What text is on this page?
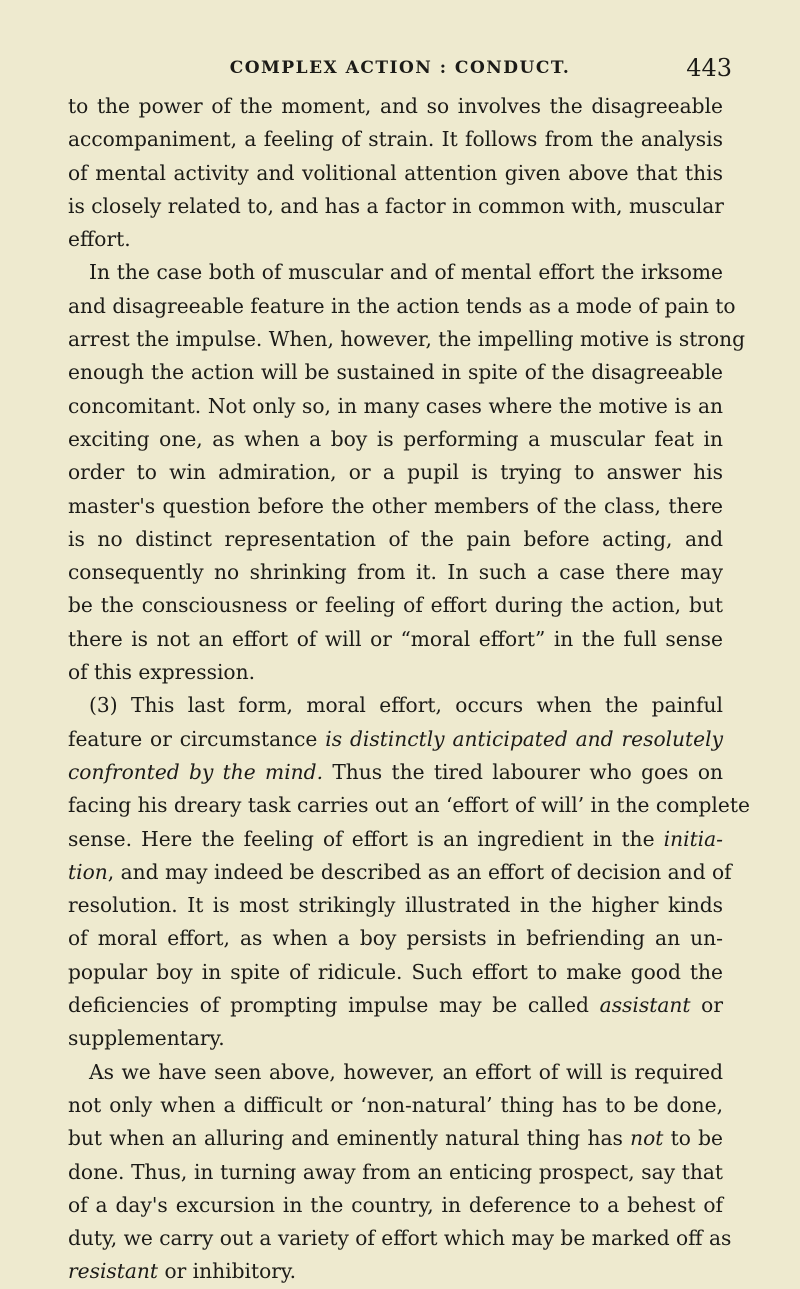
COMPLEX ACTION : CONDUCT.	443
to the power of the moment, and so involves the disagreeable
accompaniment, a feeling of strain. It follows from the analysis
of mental activity and volitional attention given above that this
is closely related to, and has a factor in common with, muscular
effort.
In the case both of muscular and of mental effort the irksome
and disagreeable feature in the action tends as a mode of pain to
arrest the impulse. When, however, the impelling motive is strong
enough the action will be sustained in spite of the disagreeable
concomitant. Not only so, in many cases where the motive is an
exciting one, as when a boy is performing a muscular feat in
order to win admiration, or a pupil is trying to answer his
master's question before the other members of the class, there
is no distinct representation of the pain before acting, and
consequently no shrinking from it. In such a case there may
be the consciousness or feeling of effort during the action, but
there is not an effort of will or “moral effort” in the full sense
of this expression.
(3) This last form, moral effort, occurs when the painful
feature or circumstance is distinctly anticipated and resolutely
confronted by the mind. Thus the tired labourer who goes on
facing his dreary task carries out an ‘effort of will’ in the complete
sense. Here the feeling of effort is an ingredient in the initia-
tion, and may indeed be described as an effort of decision and of
resolution. It is most strikingly illustrated in the higher kinds
of moral effort, as when a boy persists in befriending an un-
popular boy in spite of ridicule. Such effort to make good the
deficiencies of prompting impulse may be called assistant or
supplementary.
As we have seen above, however, an effort of will is required
not only when a difficult or ‘non-natural’ thing has to be done,
but when an alluring and eminently natural thing has not to be
done. Thus, in turning away from an enticing prospect, say that
of a day's excursion in the country, in deference to a behest of
duty, we carry out a variety of effort which may be marked off as
resistant or inhibitory.
